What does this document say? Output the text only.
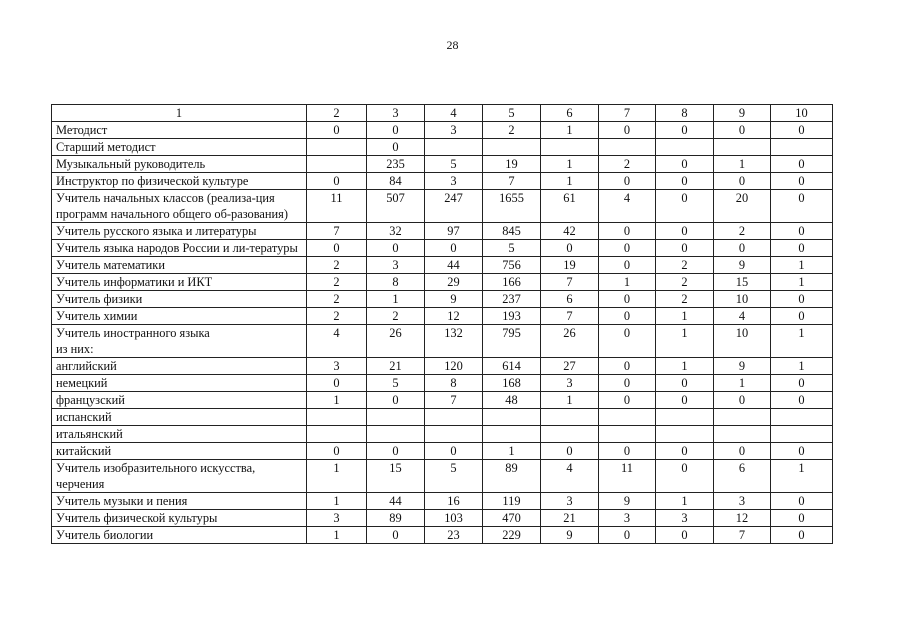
28
1	2	3	4	5	6	7	8	9	10
Методист	0	0	3	2	1	0	0	0	0
Старший методист		0							
Музыкальный руководитель		235	5	19	1	2	0	1	0
Инструктор по физической культуре	0	84	3	7	1	0	0	0	0
Учитель начальных классов (реализа-ция программ начального общего об-разования)	11	507	247	1655	61	4	0	20	0
Учитель русского языка и литературы	7	32	97	845	42	0	0	2	0
Учитель языка народов России и ли-тературы	0	0	0	5	0	0	0	0	0
Учитель математики	2	3	44	756	19	0	2	9	1
Учитель информатики и ИКТ	2	8	29	166	7	1	2	15	1
Учитель физики	2	1	9	237	6	0	2	10	0
Учитель химии	2	2	12	193	7	0	1	4	0
Учитель иностранного языка
из них:	4	26	132	795	26	0	1	10	1
английский	3	21	120	614	27	0	1	9	1
немецкий	0	5	8	168	3	0	0	1	0
французский	1	0	7	48	1	0	0	0	0
испанский									
итальянский									
китайский	0	0	0	1	0	0	0	0	0
Учитель изобразительного искусства, черчения	1	15	5	89	4	11	0	6	1
Учитель музыки и пения	1	44	16	119	3	9	1	3	0
Учитель физической культуры	3	89	103	470	21	3	3	12	0
Учитель биологии	1	0	23	229	9	0	0	7	0
